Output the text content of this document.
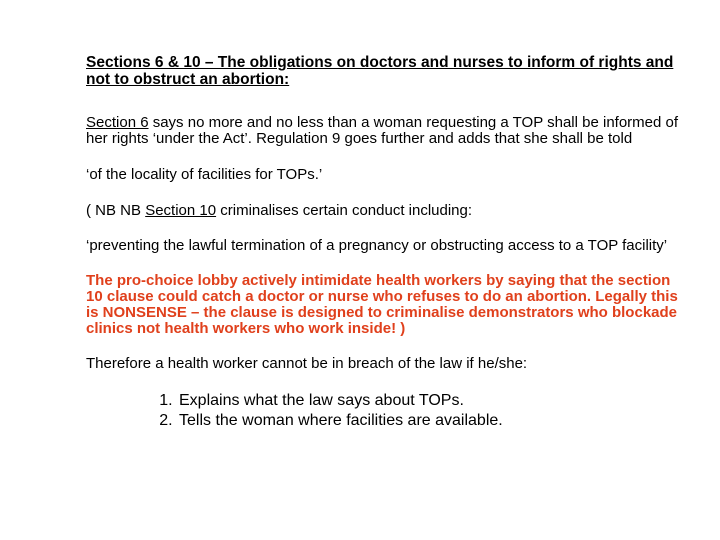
Sections 6 & 10 – The obligations on doctors and nurses to inform of rights and not to obstruct an abortion:

Section 6 says no more and no less than a woman requesting a TOP shall be informed of her rights ‘under the Act’. Regulation 9 goes further and adds that she shall be told

‘of the locality of facilities for TOPs.’

( NB NB Section 10 criminalises certain conduct including:

‘preventing the lawful termination of a pregnancy or obstructing access to a TOP facility’

The pro-choice lobby actively intimidate health workers by saying that the section 10 clause could catch a doctor or nurse who refuses to do an abortion. Legally this is NONSENSE – the clause is designed to criminalise demonstrators who blockade clinics not health workers who work inside! )

Therefore a health worker cannot be in breach of the law if he/she:

1. Explains what the law says about TOPs.
2. Tells the woman where facilities are available.
